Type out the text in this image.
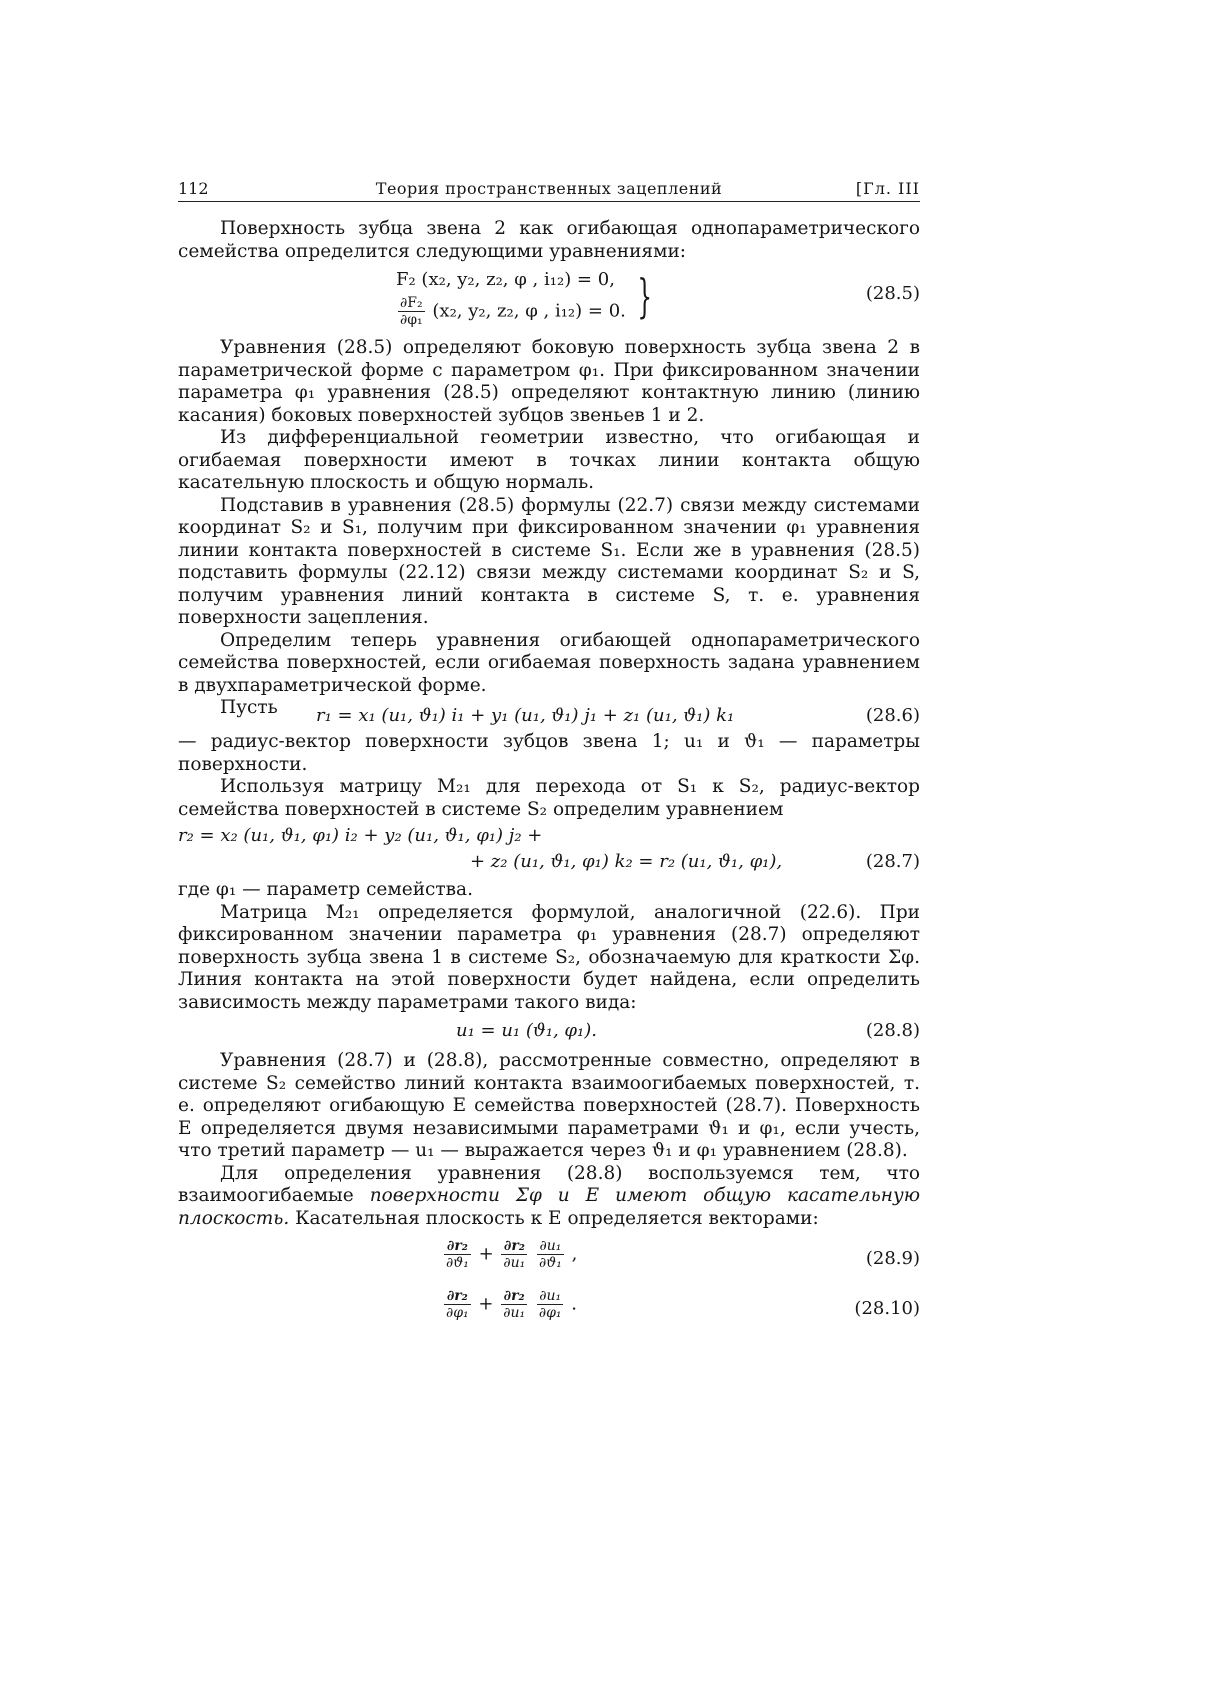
112	Теория пространственных зацеплений	[Гл. III

Поверхность зубца звена 2 как огибающая однопараметрического семейства определится следующими уравнениями:

F₂ (x₂, y₂, z₂, φ , i₁₂) = 0,
$\frac{\text{∂F₂}}{\text{∂φ₁}} (x_2$, y₂, z₂, φ , i₁₂) = 0. }	(28.5)

Уравнения (28.5) определяют боковую поверхность зубца звена 2 в параметрической форме с параметром φ₁. При фиксированном значении параметра φ₁ уравнения (28.5) определяют контактную линию (линию касания) боковых поверхностей зубцов звеньев 1 и 2.

Из дифференциальной геометрии известно, что огибающая и огибаемая поверхности имеют в точках линии контакта общую касательную плоскость и общую нормаль.

Подставив в уравнения (28.5) формулы (22.7) связи между системами координат S₂ и S₁, получим при фиксированном значении φ₁ уравнения линии контакта поверхностей в системе S₁. Если же в уравнения (28.5) подставить формулы (22.12) связи между системами координат S₂ и S, получим уравнения линий контакта в системе S, т. е. уравнения поверхности зацепления.

Определим теперь уравнения огибающей однопараметрического семейства поверхностей, если огибаемая поверхность задана уравнением в двухпараметрической форме.

Пусть r₁ = x₁ (u₁, ϑ₁) i₁ + y₁ (u₁, ϑ₁) j₁ + z₁ (u₁, ϑ₁) k₁	(28.6)

— радиус-вектор поверхности зубцов звена 1; u₁ и ϑ₁ — параметры поверхности.

Используя матрицу M₂₁ для перехода от S₁ к S₂, радиус-вектор семейства поверхностей в системе S₂ определим уравнением

r₂ = x₂ (u₁, ϑ₁, φ₁) i₂ + y₂ (u₁, ϑ₁, φ₁) j₂ +
+ z₂ (u₁, ϑ₁, φ₁) k₂ = r₂ (u₁, ϑ₁, φ₁),	(28.7)

где φ₁ — параметр семейства.

Матрица M₂₁ определяется формулой, аналогичной (22.6). При фиксированном значении параметра φ₁ уравнения (28.7) определяют поверхность зубца звена 1 в системе S₂, обозначаемую для краткости Σφ. Линия контакта на этой поверхности будет найдена, если определить зависимость между параметрами такого вида:

u₁ = u₁ (ϑ₁, φ₁).	(28.8)

Уравнения (28.7) и (28.8), рассмотренные совместно, определяют в системе S₂ семейство линий контакта взаимоогибаемых поверхностей, т. е. определяют огибающую E семейства поверхностей (28.7). Поверхность E определяется двумя независимыми параметрами ϑ₁ и φ₁, если учесть, что третий параметр — u₁ — выражается через ϑ₁ и φ₁ уравнением (28.8).

Для определения уравнения (28.8) воспользуемся тем, что взаимоогибаемые поверхности Σφ и E имеют общую касательную плоскость. Касательная плоскость к E определяется векторами:

$\frac{\text{∂r₂}}{\text{∂ϑ₁}} + \frac{\text{∂r₂}}{\text{∂u₁}}$
$\frac{\text{∂u₁}}{\text{∂ϑ₁}}$ ,	(28.9)
$\frac{\text{∂r₂}}{\text{∂φ₁}} + \frac{\text{∂r₂}}{\text{∂u₁}}$
$\frac{\text{∂u₁}}{\text{∂φ₁}}$ .	(28.10)
